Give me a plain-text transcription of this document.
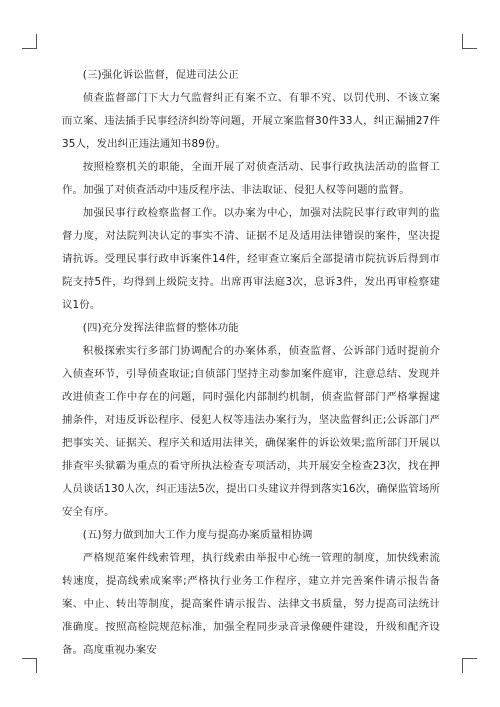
(三)强化诉讼监督，促进司法公正

侦查监督部门下大力气监督纠正有案不立、有罪不究、以罚代刑、不该立案而立案、违法插手民事经济纠纷等问题，开展立案监督30件33人，纠正漏捕27件35人，发出纠正违法通知书89份。

按照检察机关的职能，全面开展了对侦查活动、民事行政执法活动的监督工作。加强了对侦查活动中违反程序法、非法取证、侵犯人权等问题的监督。

加强民事行政检察监督工作。以办案为中心，加强对法院民事行政审判的监督力度，对法院判决认定的事实不清、证据不足及适用法律错误的案件，坚决提请抗诉。受理民事行政申诉案件14件，经审查立案后全部提请市院抗诉后得到市院支持5件，均得到上级院支持。出席再审法庭3次，息诉3件，发出再审检察建议1份。

(四)充分发挥法律监督的整体功能

积极探索实行多部门协调配合的办案体系，侦查监督、公诉部门适时提前介入侦查环节，引导侦查取证;自侦部门坚持主动参加案件庭审，注意总结、发现并改进侦查工作中存在的问题，同时强化内部制约机制，侦查监督部门严格掌握逮捕条件，对违反诉讼程序、侵犯人权等违法办案行为，坚决监督纠正;公诉部门严把事实关、证据关、程序关和适用法律关，确保案件的诉讼效果;监所部门开展以排查牢头狱霸为重点的看守所执法检查专项活动，共开展安全检查23次，找在押人员谈话130人次，纠正违法5次，提出口头建议并得到落实16次，确保监管场所安全有序。

(五)努力做到加大工作力度与提高办案质量相协调

严格规范案件线索管理，执行线索由举报中心统一管理的制度，加快线索流转速度，提高线索成案率;严格执行业务工作程序，建立并完善案件请示报告备案、中止、转出等制度，提高案件请示报告、法律文书质量，努力提高司法统计准确度。按照高检院规范标准，加强全程同步录音录像硬件建设，升级和配齐设备。高度重视办案安
